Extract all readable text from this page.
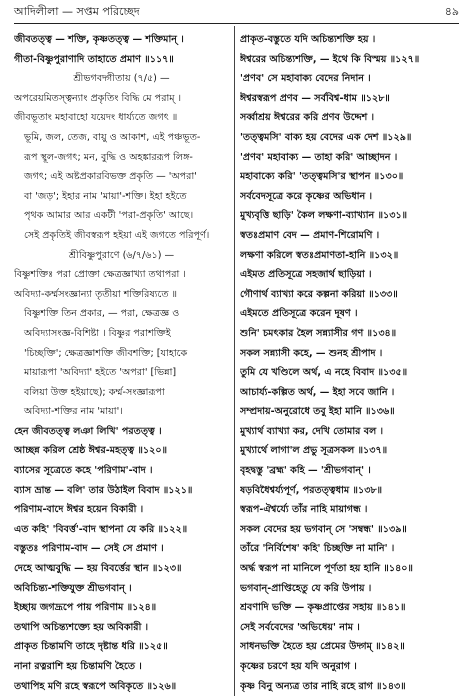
আদিলীলা — সপ্তম পরিচ্ছেদ	৪৯

জীবতত্ত্ব — শক্তি, কৃষ্ণতত্ত্ব — শক্তিমান্ ।

গীতা-বিষ্ণুপুরাণাদি তাহাতে প্রমাণ ॥১১৭॥

শ্রীভগবদ্গীতায় (৭/৫) —

অপরেয়মিতস্ত্বন্যাং প্রকৃতিং বিদ্ধি মে পরাম্ ।

জীবভূতাং মহাবাহো যয়েদং ধার্য্যতে জগৎ ॥

ভূমি, জল, তেজ, বায়ু ও আকাশ, এই পঞ্চভূত-

রূপ স্থূল-জগৎ; মন, বুদ্ধি ও অহঙ্কাররূপ লিঙ্গ-

জগৎ; এই অষ্টপ্রকারবিভক্ত প্রকৃতি — 'অপরা'

বা 'জড়'; ইহার নাম 'মায়া'-শক্তি। ইহা হইতে

পৃথক আমার আর একটী 'পরা-প্রকৃতি' আছে।

সেই প্রকৃতিই জীবস্বরূপ হইয়া এই জগতে পরিপূর্ণ।

শ্রীবিষ্ণুপুরাণে (৬/৭/৬১) —

বিষ্ণুশক্তিঃ পরা প্রোক্তা ক্ষেত্রজ্ঞাখ্যা তথাপরা ।

অবিদ্যা-কর্ম্মসংজ্ঞান্যা তৃতীয়া শক্তিরিষ্যতে ॥

বিষ্ণুশক্তি তিন প্রকার, — পরা, ক্ষেত্রজ্ঞ ও

অবিদ্যাসংজ্ঞ-বিশিষ্টা । বিষ্ণুর পরাশক্তিই

'চিচ্ছক্তি'; ক্ষেত্রজ্ঞাশক্তি জীবশক্তি; [যাহাকে

মায়ারূপা 'অবিদ্যা' হইতে 'অপরা' [ভিন্না]

বলিয়া উক্ত হইয়াছে); কর্ম্ম-সংজ্ঞারূপা

অবিদ্যা-শক্তির নাম 'মায়া'।

হেন জীবতত্ত্ব লঞা লিখি' পরতত্ত্ব ।

আচ্ছন্ন করিল শ্রেষ্ঠ ঈশ্বর-মহত্ত্ব ॥১২০॥

ব্যাসের সূত্রেতে কহে 'পরিণাম'-বাদ ।

ব্যাস ভ্রান্ত — বলি' তার উঠাইল বিবাদ ॥১২১॥

পরিণাম-বাদে ঈশ্বর হয়েন বিকারী ।

এত কহি' 'বিবর্ত্ত'-বাদ স্থাপনা যে করি ॥১২২॥

বস্তুতঃ পরিণাম-বাদ — সেই সে প্রমাণ ।

দেহে আত্মবুদ্ধি — হয় বিবর্ত্তের স্থান ॥১২৩॥

অবিচিন্ত্য-শক্তিযুক্ত শ্রীভগবান্ ।

ইচ্ছায় জগদ্রূপে পায় পরিণাম ॥১২৪॥

তথাপি অচিন্ত্যশক্ত্যে হয় অবিকারী ।

প্রাকৃত চিন্তামণি তাহে দৃষ্টান্ত ধরি ॥১২৫॥

নানা রত্নরাশি হয় চিন্তামণি হৈতে ।

তথাপিহ মণি রহে স্বরূপে অবিকৃতে ॥১২৬॥

প্রাকৃত-বস্তুতে যদি অচিন্ত্যশক্তি হয় ।

ঈশ্বরের অচিন্ত্যশক্তি, — ইথে কি বিস্ময় ॥১২৭॥

'প্রণব' সে মহাবাক্য বেদের নিদান ।

ঈশ্বরস্বরূপ প্রণব — সর্ববিশ্ব-ধাম ॥১২৮॥

সর্ব্বাশ্রয় ঈশ্বরের করি প্রণব উদ্দেশ ।

'তত্ত্বমসি' বাক্য হয় বেদের এক দেশ ॥১২৯॥

'প্রণব' মহাবাক্য — তাহা করি' আচ্ছাদন ।

মহাবাক্যে করি' 'তত্ত্বমসি'র স্থাপন ॥১৩০॥

সর্ববেদসূত্রে করে কৃষ্ণের অভিধান ।

মুখ্যবৃত্তি ছাড়ি' কৈল লক্ষণা-ব্যাখ্যান ॥১৩১॥

স্বতঃপ্রমাণ বেদ — প্রমাণ-শিরোমণি ।

লক্ষণা করিলে স্বতঃপ্রমাণতা-হানি ॥১৩২॥

এইমত প্রতিসূত্রে সহজার্থ ছাড়িয়া ।

গৌণার্থ ব্যাখ্যা করে কল্পনা করিয়া ॥১৩৩॥

এইমতে প্রতিসূত্রে করেন দূষণ ।

শুনি' চমৎকার হৈল সন্ন্যাসীর গণ ॥১৩৪॥

সকল সন্ন্যাসী কহে, — শুনহ শ্রীপাদ ।

তুমি যে খণ্ডিলে অর্থ, এ নহে বিবাদ ॥১৩৫॥

আচার্য্য-কল্পিত অর্থ, — ইহা সবে জানি ।

সম্প্রদায়-অনুরোধে তবু ইহা মানি ॥১৩৬॥

মুখ্যার্থ ব্যাখ্যা কর, দেখি তোমার বল ।

মুখ্যার্থে লাগা'ল প্রভু সূত্রসকল ॥১৩৭॥

বৃহদ্বস্তু 'ব্রহ্ম' কহি — 'শ্রীভগবান্' ।

ষড়বিধৈশ্বর্য্যপূর্ণ, পরতত্ত্বধাম ॥১৩৮॥

স্বরূপ-ঐশ্বর্য্যে তাঁর নাহি মায়াগন্ধ ।

সকল বেদের হয় ভগবান্ সে 'সম্বন্ধ' ॥১৩৯॥

তাঁরে 'নির্বিশেষ' কহি' চিচ্ছক্তি না মানি' ।

অর্দ্ধ স্বরূপ না মানিলে পূর্ণতা হয় হানি ॥১৪০॥

ভগবান্-প্রাপ্তিহেতু যে করি উপায় ।

শ্রবণাদি ভক্তি — কৃষ্ণপ্রাপ্তের সহায় ॥১৪১॥

সেই সর্ববেদের 'অভিধেয়' নাম ।

সাধনভক্তি হৈতে হয় প্রেমের উদ্গম্ ॥১৪২॥

কৃষ্ণের চরণে হয় যদি অনুরাগ ।

কৃষ্ণ বিনু অন্যত্র তার নাহি রহে রাগ ॥১৪৩॥
